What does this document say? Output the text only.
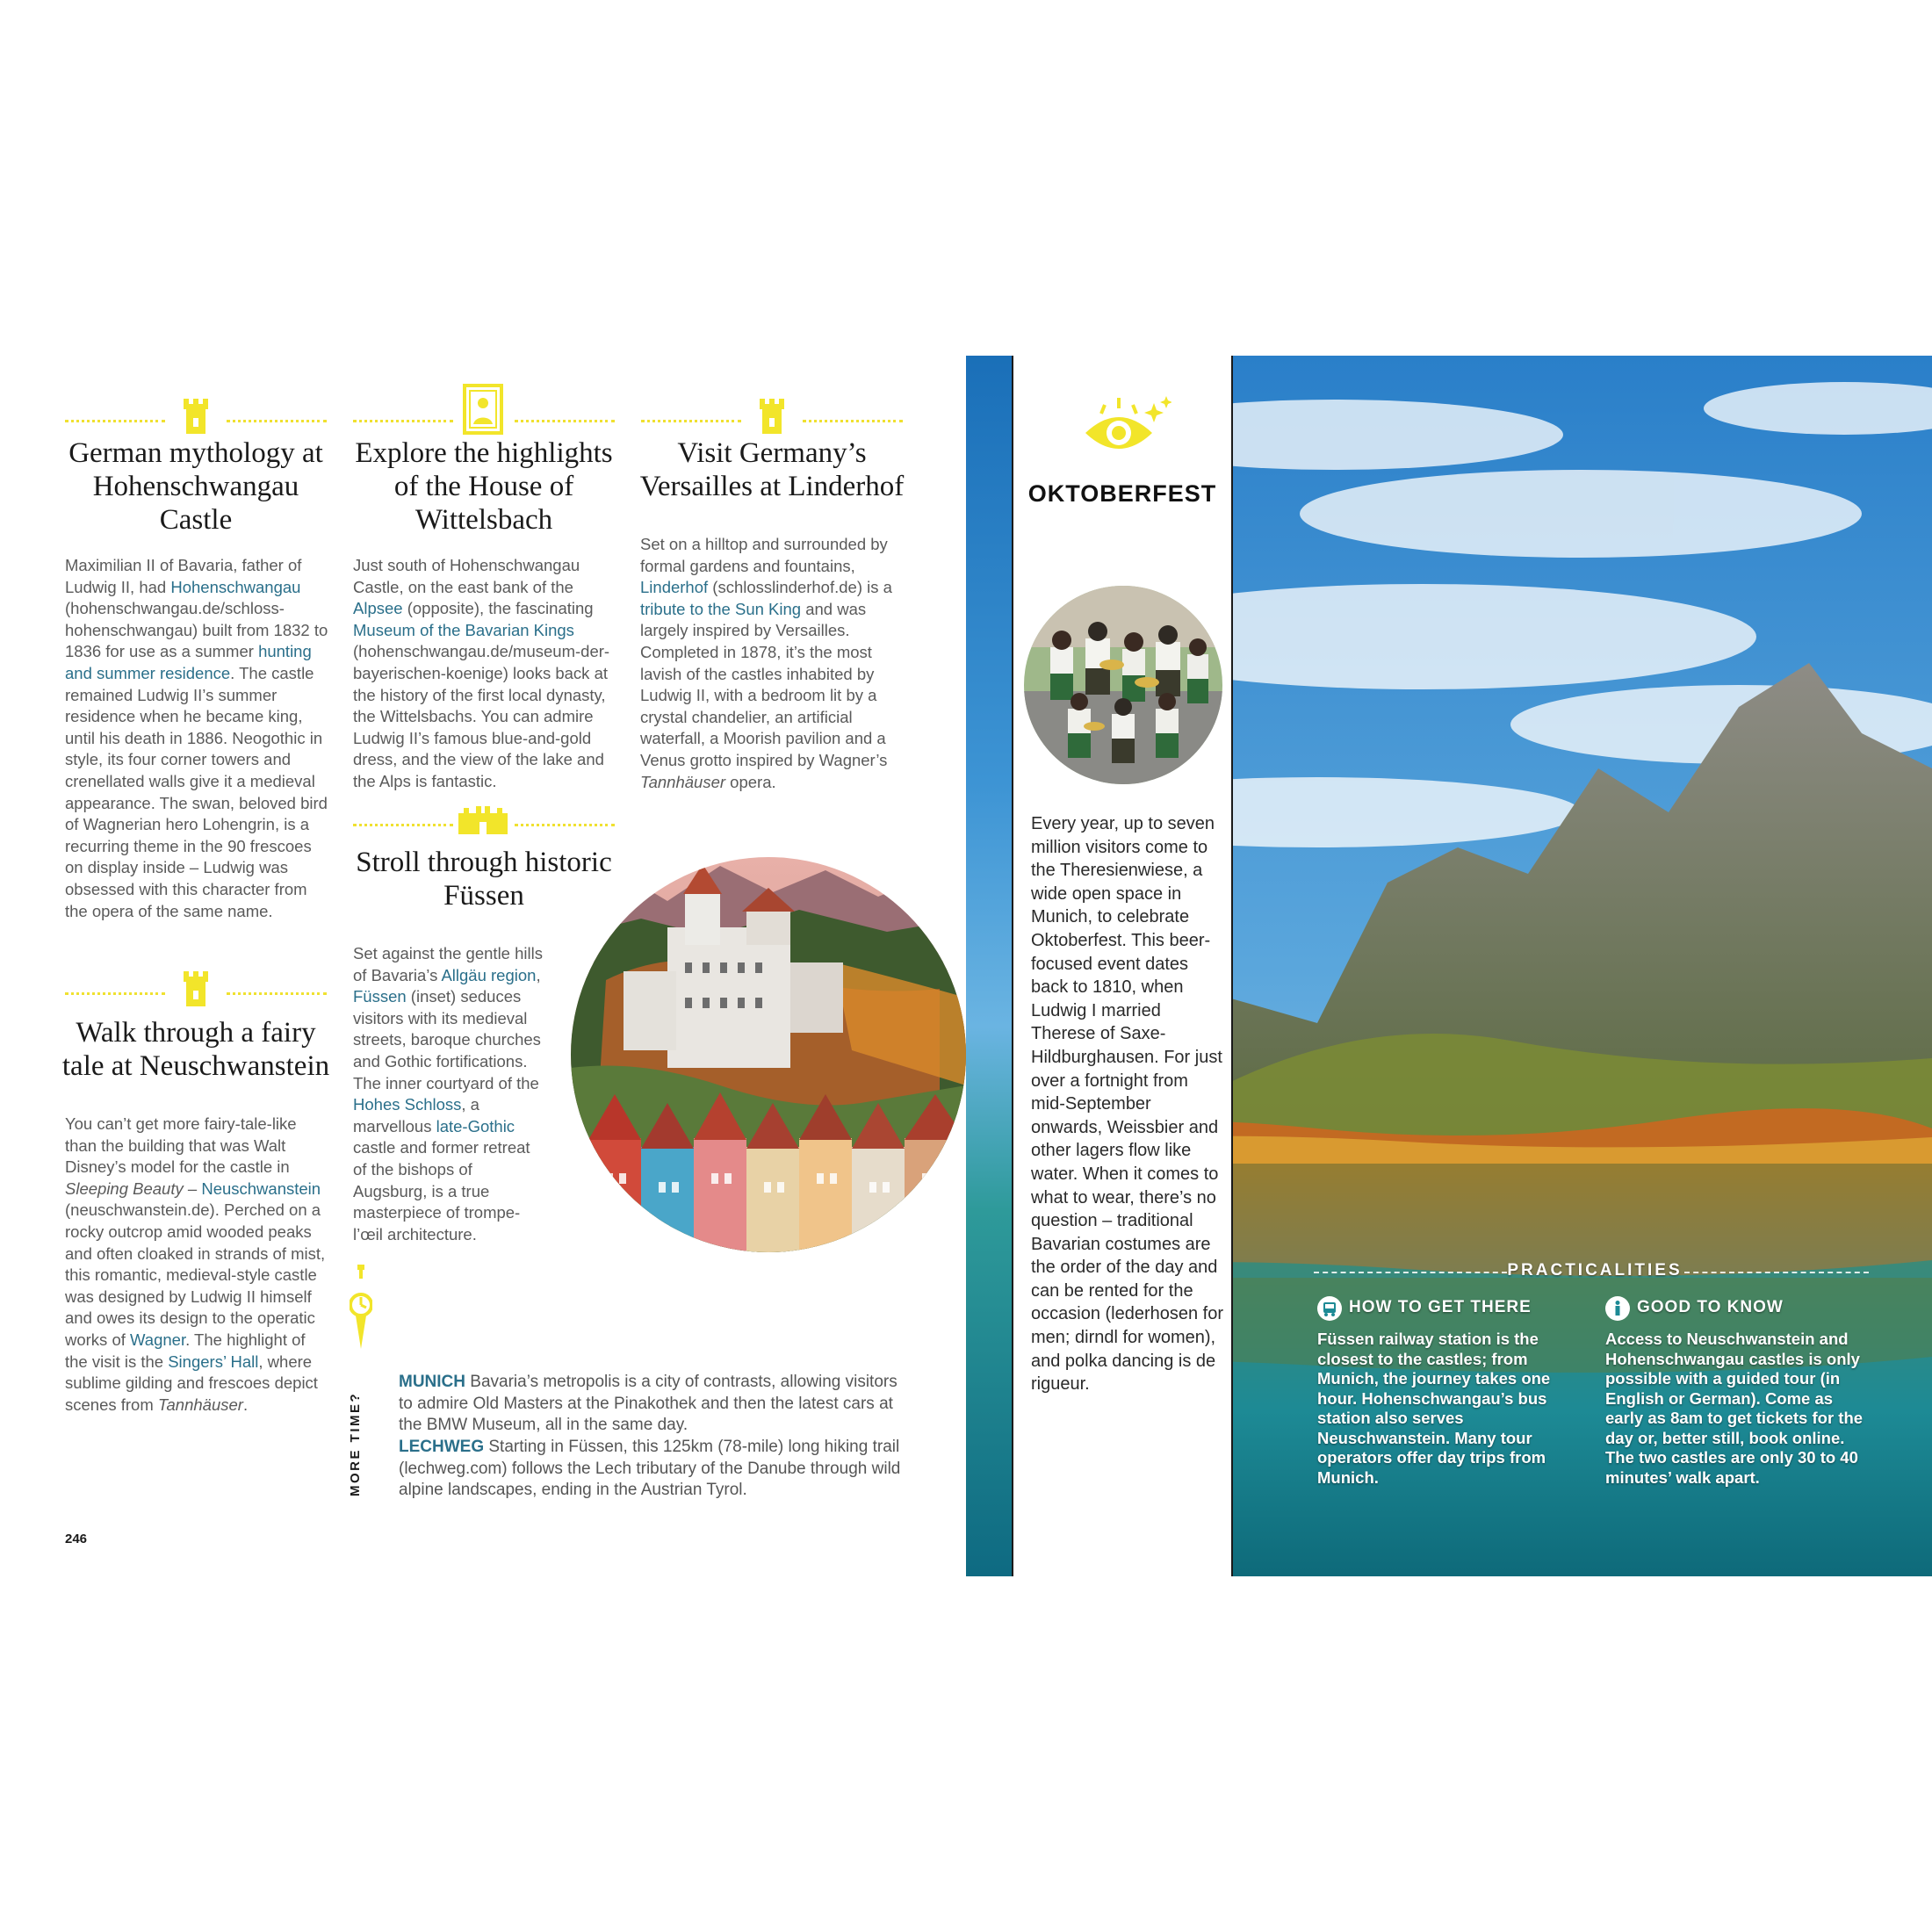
German mythology at Hohenschwangau Castle
Maximilian II of Bavaria, father of Ludwig II, had Hohenschwangau (hohenschwangau.de/schloss-hohenschwangau) built from 1832 to 1836 for use as a summer hunting and summer residence. The castle remained Ludwig II’s summer residence when he became king, until his death in 1886. Neogothic in style, its four corner towers and crenellated walls give it a medieval appearance. The swan, beloved bird of Wagnerian hero Lohengrin, is a recurring theme in the 90 frescoes on display inside – Ludwig was obsessed with this character from the opera of the same name.
Explore the highlights of the House of Wittelsbach
Just south of Hohenschwangau Castle, on the east bank of the Alpsee (opposite), the fascinating Museum of the Bavarian Kings (hohenschwangau.de/museum-der-bayerischen-koenige) looks back at the history of the first local dynasty, the Wittelsbachs. You can admire Ludwig II’s famous blue-and-gold dress, and the view of the lake and the Alps is fantastic.
Visit Germany’s Versailles at Linderhof
Set on a hilltop and surrounded by formal gardens and fountains, Linderhof (schlosslinderhof.de) is a tribute to the Sun King and was largely inspired by Versailles. Completed in 1878, it’s the most lavish of the castles inhabited by Ludwig II, with a bedroom lit by a crystal chandelier, an artificial waterfall, a Moorish pavilion and a Venus grotto inspired by Wagner’s Tannhäuser opera.
Stroll through historic Füssen
Set against the gentle hills of Bavaria’s Allgäu region, Füssen (inset) seduces visitors with its medieval streets, baroque churches and Gothic fortifications. The inner courtyard of the Hohes Schloss, a marvellous late-Gothic castle and former retreat of the bishops of Augsburg, is a true masterpiece of trompe-l’œil architecture.
Walk through a fairy tale at Neuschwanstein
You can’t get more fairy-tale-like than the building that was Walt Disney’s model for the castle in Sleeping Beauty – Neuschwanstein (neuschwanstein.de). Perched on a rocky outcrop amid wooded peaks and often cloaked in strands of mist, this romantic, medieval-style castle was designed by Ludwig II himself and owes its design to the operatic works of Wagner. The highlight of the visit is the Singers’ Hall, where sublime gilding and frescoes depict scenes from Tannhäuser.	MORE TIME?
MUNICH Bavaria’s metropolis is a city of contrasts, allowing visitors to admire Old Masters at the Pinakothek and then the latest cars at the BMW Museum, all in the same day.
LECHWEG Starting in Füssen, this 125km (78-mile) long hiking trail (lechweg.com) follows the Lech tributary of the Danube through wild alpine landscapes, ending in the Austrian Tyrol.
246
OKTOBERFEST
Every year, up to seven million visitors come to the Theresienwiese, a wide open space in Munich, to celebrate Oktoberfest. This beer-focused event dates back to 1810, when Ludwig I married Therese of Saxe-Hildburghausen. For just over a fortnight from mid-September onwards, Weissbier and other lagers flow like water. When it comes to what to wear, there’s no question – traditional Bavarian costumes are the order of the day and can be rented for the occasion (lederhosen for men; dirndl for women), and polka dancing is de rigueur.
PRACTICALITIES
HOW TO GET THERE
Füssen railway station is the closest to the castles; from Munich, the journey takes one hour. Hohenschwangau’s bus station also serves Neuschwanstein. Many tour operators offer day trips from Munich.
GOOD TO KNOW
Access to Neuschwanstein and Hohenschwangau castles is only possible with a guided tour (in English or German). Come as early as 8am to get tickets for the day or, better still, book online. The two castles are only 30 to 40 minutes’ walk apart.
